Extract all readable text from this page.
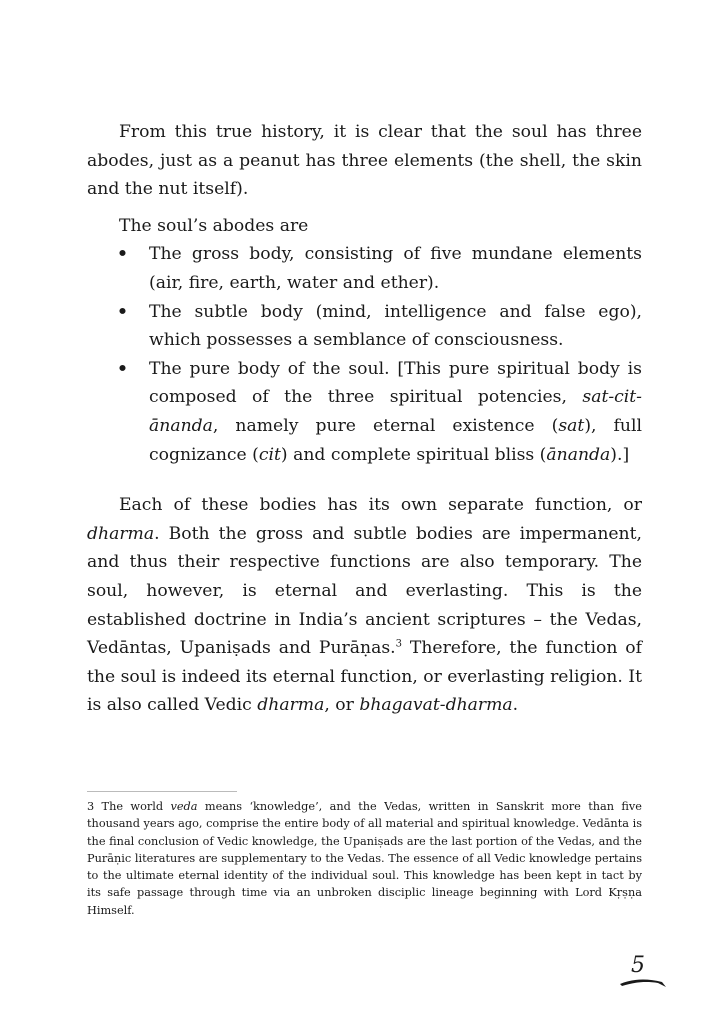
From this true history, it is clear that the soul has three abodes, just as a peanut has three elements (the shell, the skin and the nut itself).

The soul’s abodes are

• The gross body, consisting of five mundane elements (air, fire, earth, water and ether).
• The subtle body (mind, intelligence and false ego), which possesses a semblance of consciousness.
• The pure body of the soul. [This pure spiritual body is composed of the three spiritual potencies, sat-cit-ānanda, namely pure eternal existence (sat), full cognizance (cit) and complete spiritual bliss (ānanda).]

Each of these bodies has its own separate function, or dharma. Both the gross and subtle bodies are impermanent, and thus their respective functions are also temporary. The soul, however, is eternal and everlasting. This is the established doctrine in India’s ancient scriptures – the Vedas, Vedāntas, Upaniṣads and Purāṇas.$^3$ Therefore, the function of the soul is indeed its eternal function, or everlasting religion. It is also called Vedic dharma, or bhagavat-dharma.

3 The world veda means ‘knowledge’, and the Vedas, written in Sanskrit more than five thousand years ago, comprise the entire body of all material and spiritual knowledge. Vedānta is the final conclusion of Vedic knowledge, the Upaniṣads are the last portion of the Vedas, and the Purāṇic literatures are supplementary to the Vedas. The essence of all Vedic knowledge pertains to the ultimate eternal identity of the individual soul. This knowledge has been kept in tact by its safe passage through time via an unbroken disciplic lineage beginning with Lord Kṛṣṇa Himself.

5
